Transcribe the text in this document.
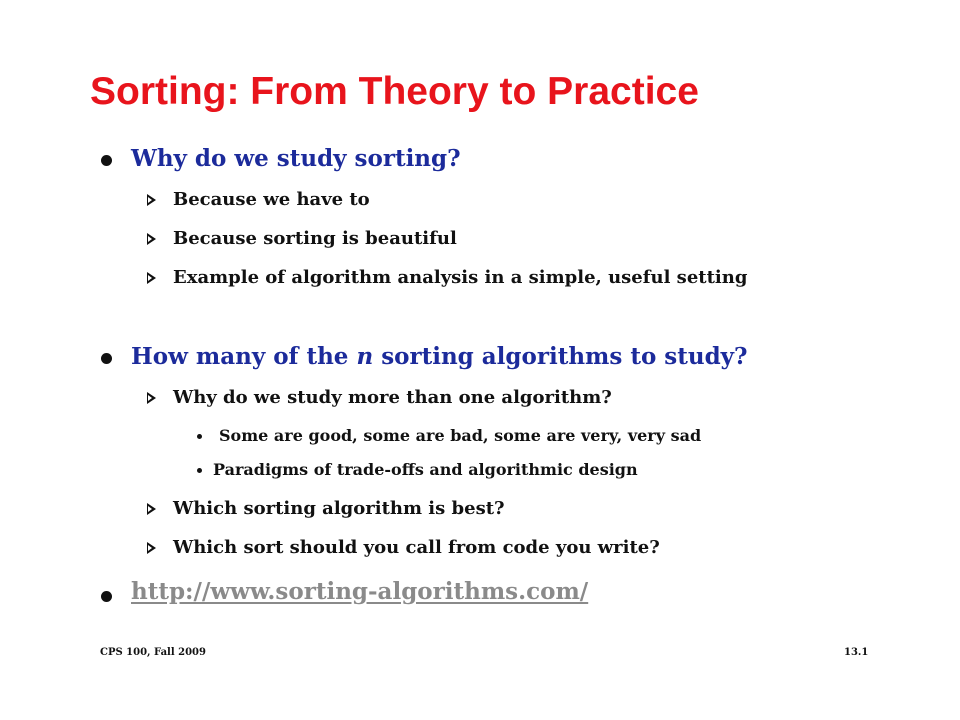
Sorting: From Theory to Practice
Why do we study sorting?
Because we have to
Because sorting is beautiful
Example of algorithm analysis in a simple, useful setting
How many of the n sorting algorithms to study?
Why do we study more than one algorithm?
Some are good, some are bad, some are very, very sad
Paradigms of trade-offs and algorithmic design
Which sorting algorithm is best?
Which sort should you call from code you write?
http://www.sorting-algorithms.com/
CPS 100, Fall 2009	13.1
